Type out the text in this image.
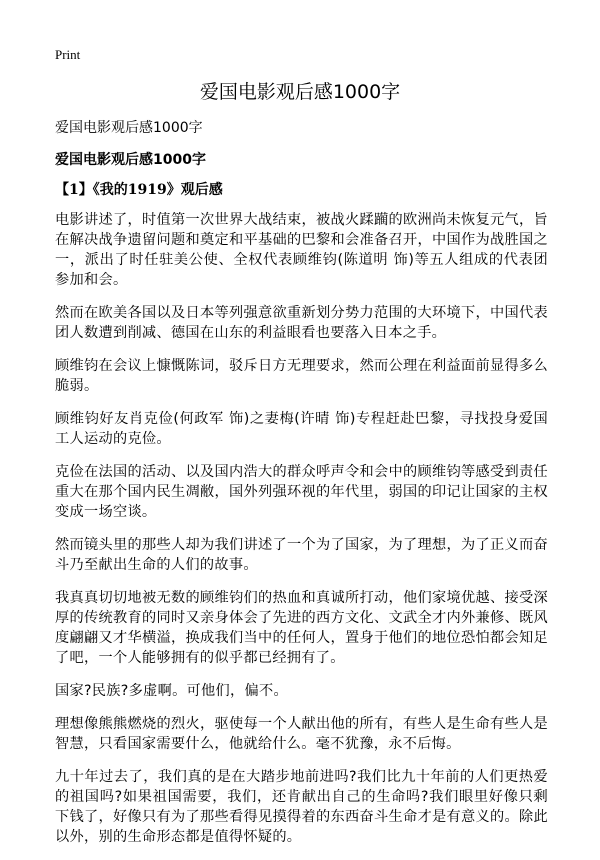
Print
爱国电影观后感1000字
爱国电影观后感1000字
爱国电影观后感1000字
【1】《我的1919》观后感

电影讲述了，时值第一次世界大战结束，被战火蹂躏的欧洲尚未恢复元气，旨在解决战争遗留问题和奠定和平基础的巴黎和会准备召开，中国作为战胜国之一，派出了时任驻美公使、全权代表顾维钧(陈道明 饰)等五人组成的代表团参加和会。

然而在欧美各国以及日本等列强意欲重新划分势力范围的大环境下，中国代表团人数遭到削减、德国在山东的利益眼看也要落入日本之手。

顾维钧在会议上慷慨陈词，驳斥日方无理要求，然而公理在利益面前显得多么脆弱。

顾维钧好友肖克俭(何政军 饰)之妻梅(许晴 饰)专程赶赴巴黎，寻找投身爱国工人运动的克俭。

克俭在法国的活动、以及国内浩大的群众呼声令和会中的顾维钧等感受到责任重大在那个国内民生凋敝，国外列强环视的年代里，弱国的印记让国家的主权变成一场空谈。

然而镜头里的那些人却为我们讲述了一个为了国家，为了理想，为了正义而奋斗乃至献出生命的人们的故事。

我真真切切地被无数的顾维钧们的热血和真诚所打动，他们家境优越、接受深厚的传统教育的同时又亲身体会了先进的西方文化、文武全才内外兼修、既风度翩翩又才华横溢，换成我们当中的任何人，置身于他们的地位恐怕都会知足了吧，一个人能够拥有的似乎都已经拥有了。

国家?民族?多虚啊。可他们，偏不。

理想像熊熊燃烧的烈火，驱使每一个人献出他的所有，有些人是生命有些人是智慧，只看国家需要什么，他就给什么。毫不犹豫，永不后悔。

九十年过去了，我们真的是在大踏步地前进吗?我们比九十年前的人们更热爱的祖国吗?如果祖国需要，我们，还肯献出自己的生命吗?我们眼里好像只剩下钱了，好像只有为了那些看得见摸得着的东西奋斗生命才是有意义的。除此以外，别的生命形态都是值得怀疑的。
